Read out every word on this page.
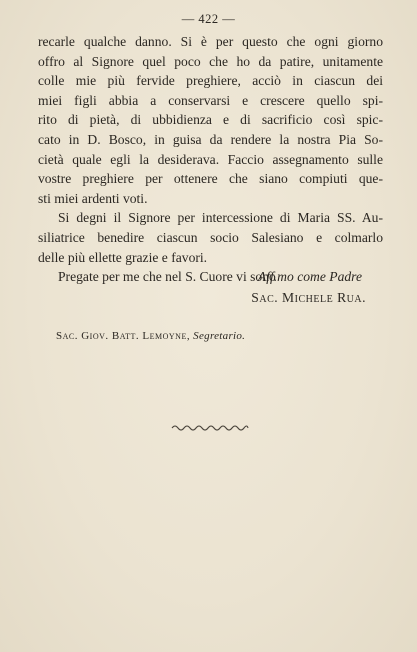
— 422 —
recarle qualche danno. Si è per questo che ogni giorno
offro al Signore quel poco che ho da patire, unitamente
colle mie più fervide preghiere, acciò in ciascun dei
miei figli abbia a conservarsi e crescere quello spi-
rito di pietà, di ubbidienza e di sacrificio così spic-
cato in D. Bosco, in guisa da rendere la nostra Pia So-
cietà quale egli la desiderava. Faccio assegnamento sulle
vostre preghiere per ottenere che siano compiuti que-
sti miei ardenti voti.
Si degni il Signore per intercessione di Maria SS. Au-
siliatrice benedire ciascun socio Salesiano e colmarlo
delle più ellette grazie e favori.
Pregate per me che nel S. Cuore vi sono
Aff.mo come Padre
Sac. Michele Rua.
Sac. Giov. Batt. Lemoyne, Segretario.
